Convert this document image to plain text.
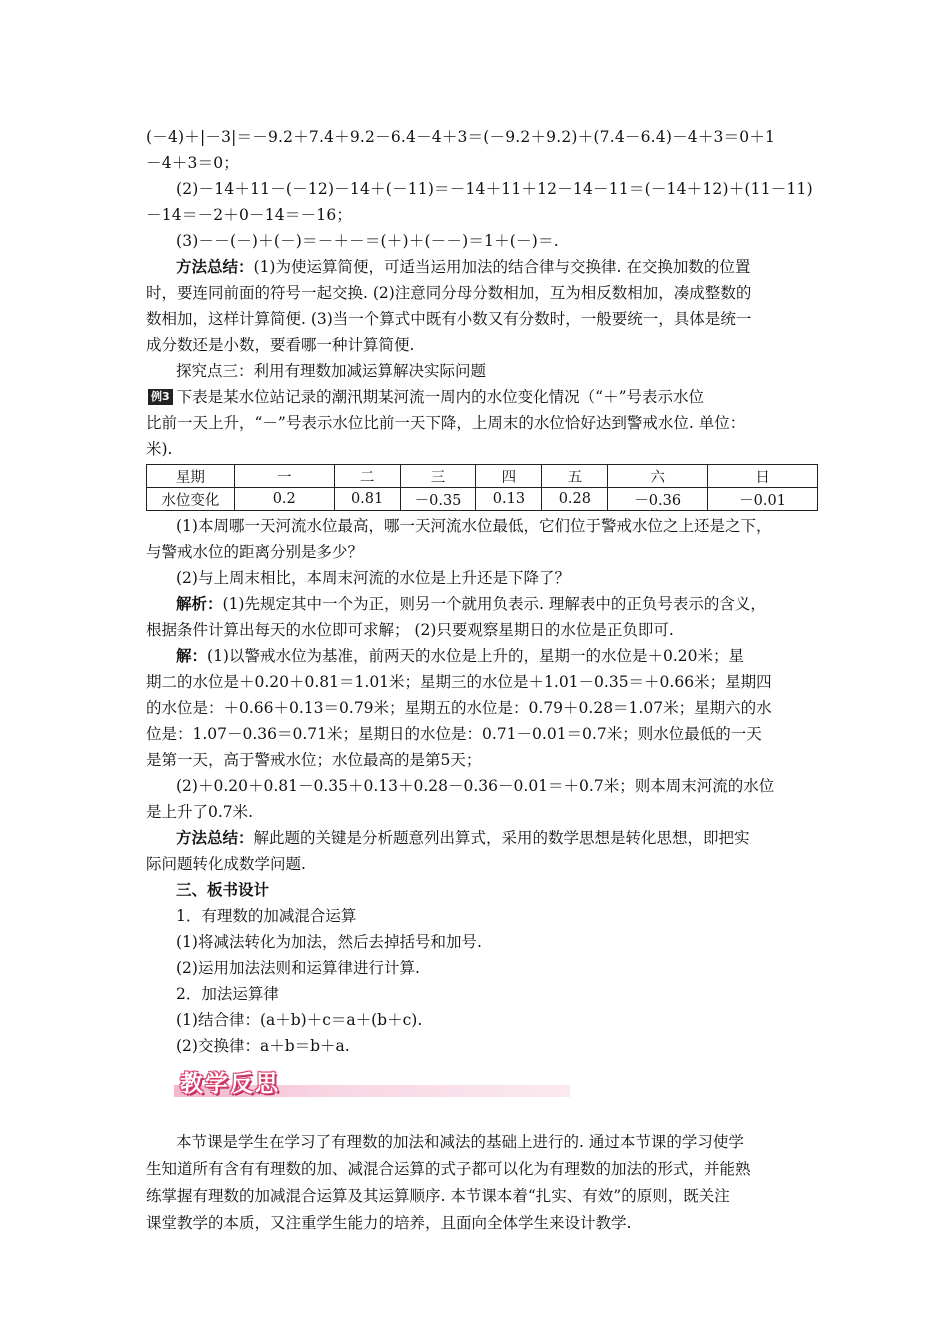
(－4)＋|－3|＝－9.2＋7.4＋9.2－6.4－4＋3＝(－9.2＋9.2)＋(7.4－6.4)－4＋3＝0＋1
－4＋3＝0；
(2)－14＋11－(－12)－14＋(－11)＝－14＋11＋12－14－11＝(－14＋12)＋(11－11)
－14＝－2＋0－14＝－16；
(3)－－(－)＋(－)＝－＋－＝(＋)＋(－－)＝1＋(－)＝.
方法总结：(1)为使运算简便，可适当运用加法的结合律与交换律. 在交换加数的位置
时，要连同前面的符号一起交换. (2)注意同分母分数相加，互为相反数相加，凑成整数的
数相加，这样计算简便. (3)当一个算式中既有小数又有分数时，一般要统一，具体是统一
成分数还是小数，要看哪一种计算简便.
探究点三：利用有理数加减运算解决实际问题
例3 下表是某水位站记录的潮汛期某河流一周内的水位变化情况（“＋”号表示水位
比前一天上升，“－”号表示水位比前一天下降，上周末的水位恰好达到警戒水位. 单位：
米).
星期	一	二	三	四	五	六	日
水位变化	0.2	0.81	－0.35	0.13	0.28	－0.36	－0.01
(1)本周哪一天河流水位最高，哪一天河流水位最低，它们位于警戒水位之上还是之下，
与警戒水位的距离分别是多少？
(2)与上周末相比，本周末河流的水位是上升还是下降了？
解析：(1)先规定其中一个为正，则另一个就用负表示. 理解表中的正负号表示的含义，
根据条件计算出每天的水位即可求解； (2)只要观察星期日的水位是正负即可.
解：(1)以警戒水位为基准，前两天的水位是上升的，星期一的水位是＋0.20米；星
期二的水位是＋0.20＋0.81＝1.01米；星期三的水位是＋1.01－0.35＝＋0.66米；星期四
的水位是：＋0.66＋0.13＝0.79米；星期五的水位是：0.79＋0.28＝1.07米；星期六的水
位是：1.07－0.36＝0.71米；星期日的水位是：0.71－0.01＝0.7米；则水位最低的一天
是第一天，高于警戒水位；水位最高的是第5天；
(2)＋0.20＋0.81－0.35＋0.13＋0.28－0.36－0.01＝＋0.7米；则本周末河流的水位
是上升了0.7米.
方法总结：解此题的关键是分析题意列出算式，采用的数学思想是转化思想，即把实
际问题转化成数学问题.
三、板书设计
1．有理数的加减混合运算
(1)将减法转化为加法，然后去掉括号和加号.
(2)运用加法法则和运算律进行计算.
2．加法运算律
(1)结合律：(a＋b)＋c＝a＋(b＋c).
(2)交换律：a＋b＝b＋a.
教学反思
本节课是学生在学习了有理数的加法和减法的基础上进行的. 通过本节课的学习使学
生知道所有含有有理数的加、减混合运算的式子都可以化为有理数的加法的形式，并能熟
练掌握有理数的加减混合运算及其运算顺序. 本节课本着“扎实、有效”的原则，既关注
课堂教学的本质，又注重学生能力的培养，且面向全体学生来设计教学.
